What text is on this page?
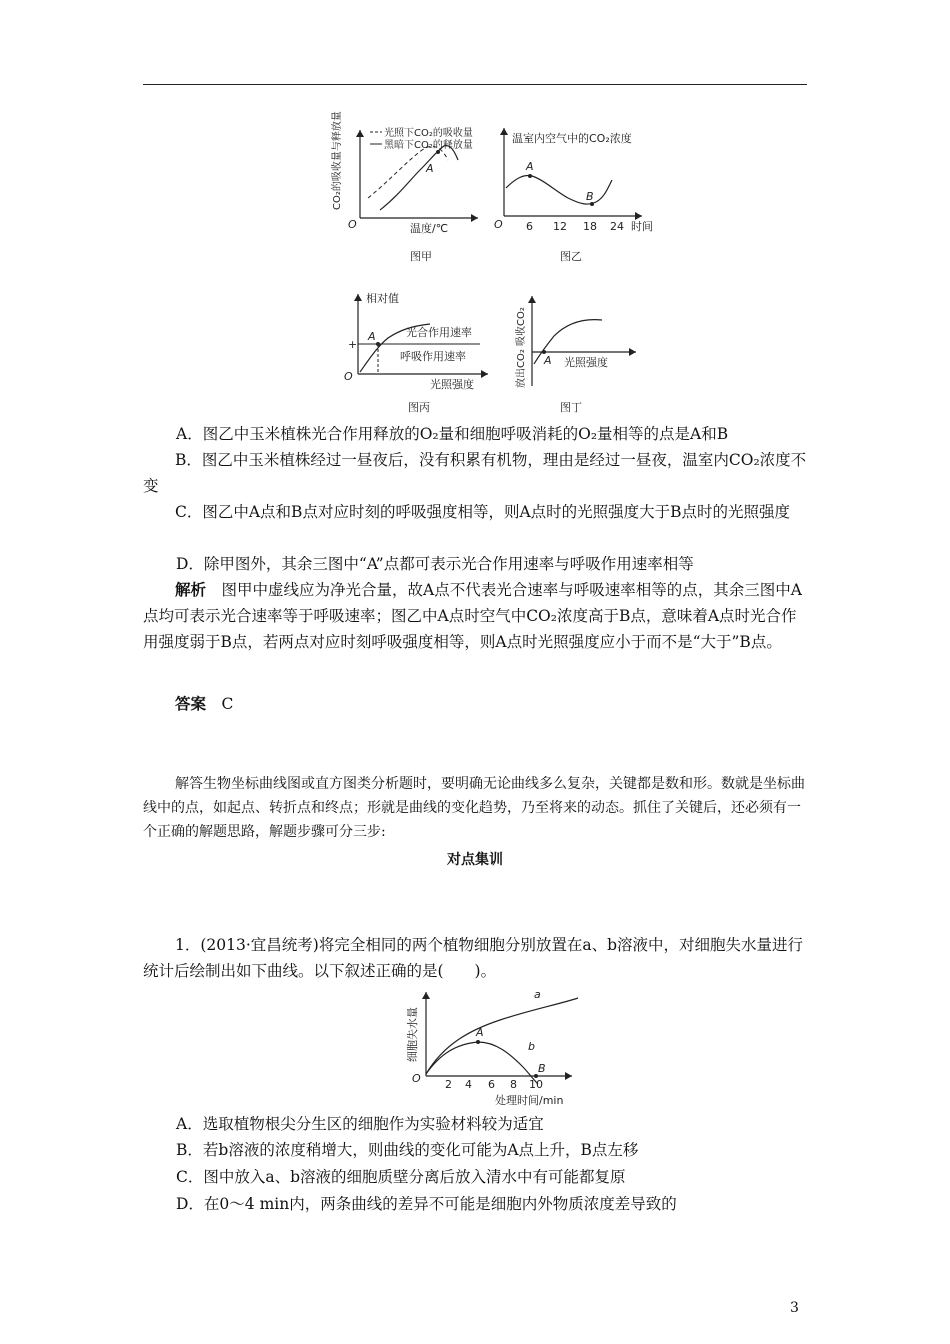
A
O	温度/℃
光照下CO₂的吸收量
黑暗下CO₂的释放量
CO₂的吸收量与释放量
图甲
A
B
温室内空气中的CO₂浓度
O 6 12 18 24 时间
图乙
A
+
O
相对值
光合作用速率
呼吸作用速率
光照强度
图丙
A
放出CO₂ 吸收CO₂	光照强度
图丁
A．图乙中玉米植株光合作用释放的O₂量和细胞呼吸消耗的O₂量相等的点是A和B
B．图乙中玉米植株经过一昼夜后，没有积累有机物，理由是经过一昼夜，温室内CO₂浓度不变
C．图乙中A点和B点对应时刻的呼吸强度相等，则A点时的光照强度大于B点时的光照强度
D．除甲图外，其余三图中“A”点都可表示光合作用速率与呼吸作用速率相等
解析　 图甲中虚线应为净光合量，故A点不代表光合速率与呼吸速率相等的点，其余三图中A点均可表示光合速率等于呼吸速率；图乙中A点时空气中CO₂浓度高于B点，意味着A点时光合作用强度弱于B点，若两点对应时刻呼吸强度相等，则A点时光照强度应小于而不是“大于”B点。
答案　 C
解答生物坐标曲线图或直方图类分析题时，要明确无论曲线多么复杂，关键都是数和形。数就是坐标曲线中的点，如起点、转折点和终点；形就是曲线的变化趋势，乃至将来的动态。抓住了关键后，还必须有一个正确的解题思路，解题步骤可分三步:
对点集训
1．(2013·宜昌统考)将完全相同的两个植物细胞分别放置在a、b溶液中，对细胞失水量进行统计后绘制出如下曲线。以下叙述正确的是(　　)。
a
b
A
B
O 2 4 6 8 10
处理时间/min
细胞失水量
A．选取植物根尖分生区的细胞作为实验材料较为适宜
B．若b溶液的浓度稍增大，则曲线的变化可能为A点上升，B点左移
C．图中放入a、b溶液的细胞质壁分离后放入清水中有可能都复原
D．在0～4 min内，两条曲线的差异不可能是细胞内外物质浓度差导致的
3
